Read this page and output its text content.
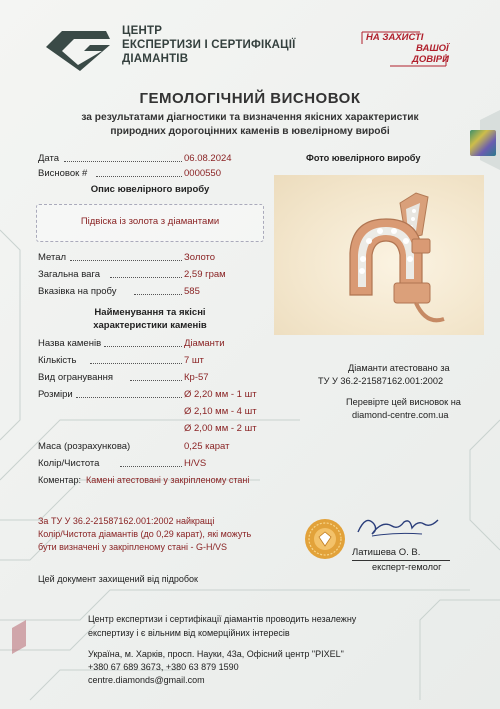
ЦЕНТР
ЕКСПЕРТИЗИ І СЕРТИФІКАЦІЇ
ДІАМАНТІВ
НА ЗАХИСТІ
ВАШОЇ
ДОВІРИ
ГЕМОЛОГІЧНИЙ ВИСНОВОК
за результатами діагностики та визначення якісних характеристик
природних дорогоцінних каменів в ювелірному виробі
Дата	06.08.2024
Висновок #	0000550
Опис ювелірного виробу
Підвіска із золота з діамантами
Фото ювелірного виробу
Метал	Золото
Загальна вага	2,59 грам
Вказівка на пробу	585
Найменування та якісні
характеристики каменів
Назва каменів	Діаманти
Кількість	7 шт
Вид огранування	Кр-57
Розміри	Ø 2,20 мм - 1 шт
Ø 2,10 мм - 4 шт
Ø 2,00 мм - 2 шт
Маса (розрахункова)	0,25 карат
Колір/Чистота	H/VS
Коментар: Камені атестовані у закріпленому стані
Діаманти атестовано за
ТУ У 36.2-21587162.001:2002
Перевірте цей висновок на
diamond-centre.com.ua
За ТУ У 36.2-21587162.001:2002 найкращі
Колір/Чистота діамантів (до 0,29 карат), які можуть
бути визначені у закріпленому стані - G-H/VS	Латишева О. В.
експерт-гемолог
Цей документ захищений від підробок
Центр експертизи і сертифікації діамантів проводить незалежну
експертизу і є вільним від комерційних інтересів
Україна, м. Харків, просп. Науки, 43а, Офісний центр "PIXEL"
+380 67 689 3673, +380 63 879 1590
centre.diamonds@gmail.com
